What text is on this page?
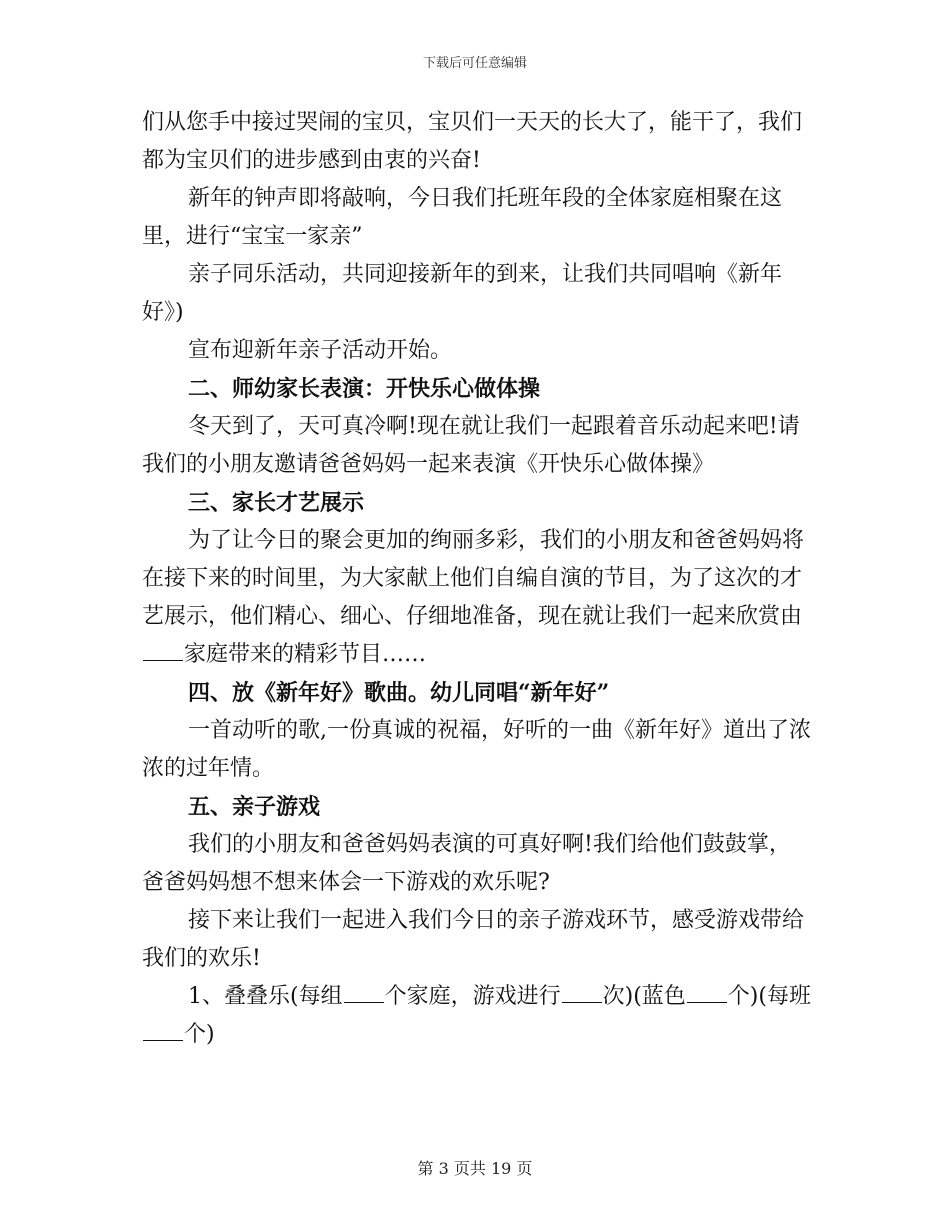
下载后可任意编辑

们从您手中接过哭闹的宝贝，宝贝们一天天的长大了，能干了，我们都为宝贝们的进步感到由衷的兴奋!

新年的钟声即将敲响，今日我们托班年段的全体家庭相聚在这里，进行“宝宝一家亲”

亲子同乐活动，共同迎接新年的到来，让我们共同唱响《新年好》)

宣布迎新年亲子活动开始。

二、师幼家长表演：开快乐心做体操

冬天到了，天可真冷啊!现在就让我们一起跟着音乐动起来吧!请我们的小朋友邀请爸爸妈妈一起来表演《开快乐心做体操》

三、家长才艺展示

为了让今日的聚会更加的绚丽多彩，我们的小朋友和爸爸妈妈将在接下来的时间里，为大家献上他们自编自演的节目，为了这次的才艺展示，他们精心、细心、仔细地准备，现在就让我们一起来欣赏由家庭带来的精彩节目……

四、放《新年好》歌曲。幼儿同唱“新年好”

一首动听的歌,一份真诚的祝福，好听的一曲《新年好》道出了浓浓的过年情。

五、亲子游戏

我们的小朋友和爸爸妈妈表演的可真好啊!我们给他们鼓鼓掌，爸爸妈妈想不想来体会一下游戏的欢乐呢?

接下来让我们一起进入我们今日的亲子游戏环节，感受游戏带给我们的欢乐!

1、叠叠乐(每组 个家庭，游戏进行 次)(蓝色 个)(每班个)

第 3 页共 19 页
